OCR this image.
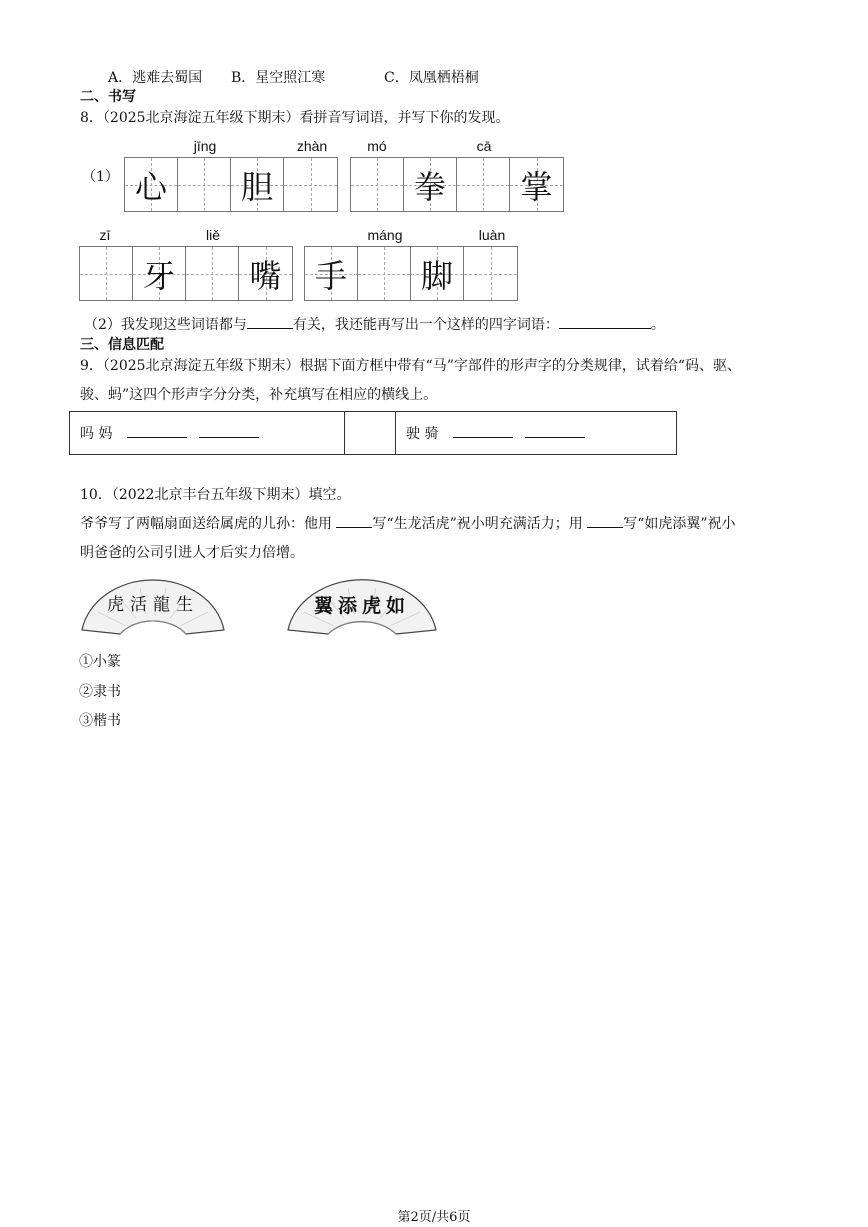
A．逃难去蜀国 B．星空照江寒	C．凤凰栖梧桐
二、书写
8．（2025北京海淀五年级下期末）看拼音写词语，并写下你的发现。
（1）
jīng	zhàn	mó	cā
心	胆	拳	掌
zī	liě	máng	luàn
牙	嘴	手	脚
（2）我发现这些词语都与	有关，我还能再写出一个这样的四字词语：	。
三、信息匹配
9．（2025北京海淀五年级下期末）根据下面方框中带有“马”字部件的形声字的分类规律，试着给“码、驱、
骏、蚂”这四个形声字分分类，补充填写在相应的横线上。
吗 妈		驶 骑
10．（2022北京丰台五年级下期末）填空。
爷爷写了两幅扇面送给属虎的儿孙：他用	写“生龙活虎”祝小明充满活力；用	写“如虎添翼”祝小
明爸爸的公司引进人才后实力倍增。
虎活龍生	翼添虎如
①小篆
②隶书
③楷书
第2页/共6页
